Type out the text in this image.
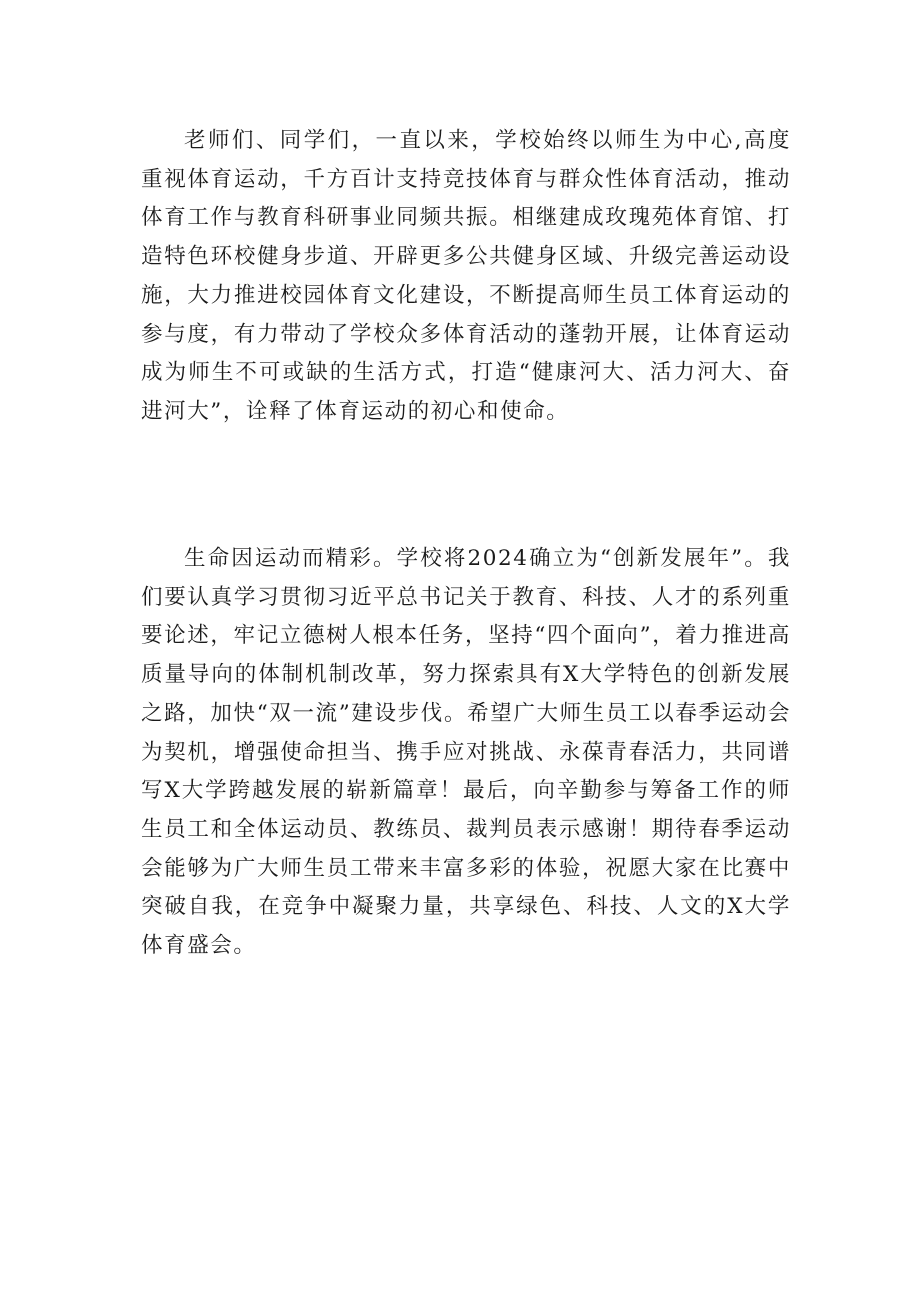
老师们、同学们，一直以来，学校始终以师生为中心,高度重视体育运动，千方百计支持竞技体育与群众性体育活动，推动体育工作与教育科研事业同频共振。相继建成玫瑰苑体育馆、打造特色环校健身步道、开辟更多公共健身区域、升级完善运动设施，大力推进校园体育文化建设，不断提高师生员工体育运动的参与度，有力带动了学校众多体育活动的蓬勃开展，让体育运动成为师生不可或缺的生活方式，打造“健康河大、活力河大、奋进河大”，诠释了体育运动的初心和使命。

生命因运动而精彩。学校将2024确立为“创新发展年”。我们要认真学习贯彻习近平总书记关于教育、科技、人才的系列重要论述，牢记立德树人根本任务，坚持“四个面向”，着力推进高质量导向的体制机制改革，努力探索具有X大学特色的创新发展之路，加快“双一流”建设步伐。希望广大师生员工以春季运动会为契机，增强使命担当、携手应对挑战、永葆青春活力，共同谱写X大学跨越发展的崭新篇章！最后，向辛勤参与筹备工作的师生员工和全体运动员、教练员、裁判员表示感谢！期待春季运动会能够为广大师生员工带来丰富多彩的体验，祝愿大家在比赛中突破自我，在竞争中凝聚力量，共享绿色、科技、人文的X大学体育盛会。
